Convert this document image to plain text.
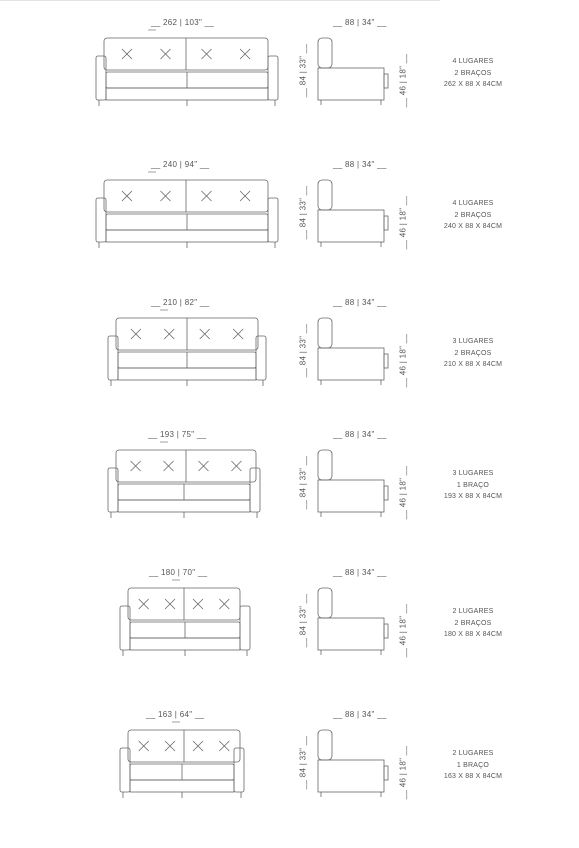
__ 262 | 103" __	__ 88 | 34" __
__ 84 | 33" __	__ 46 | 18" __	4 LUGARES
2 BRAÇOS
262 X 88 X 84CM
__ 240 | 94" __	__ 88 | 34" __
__ 84 | 33" __	__ 46 | 18" __	4 LUGARES
2 BRAÇOS
240 X 88 X 84CM
__ 210 | 82" __	__ 88 | 34" __
__ 84 | 33" __	__ 46 | 18" __	3 LUGARES
2 BRAÇOS
210 X 88 X 84CM
__ 193 | 75" __	__ 88 | 34" __
__ 84 | 33" __	__ 46 | 18" __	3 LUGARES
1 BRAÇO
193 X 88 X 84CM
__ 180 | 70" __	__ 88 | 34" __
__ 84 | 33" __	__ 46 | 18" __	2 LUGARES
2 BRAÇOS
180 X 88 X 84CM
__ 163 | 64" __	__ 88 | 34" __
__ 84 | 33" __	__ 46 | 18" __	2 LUGARES
1 BRAÇO
163 X 88 X 84CM
